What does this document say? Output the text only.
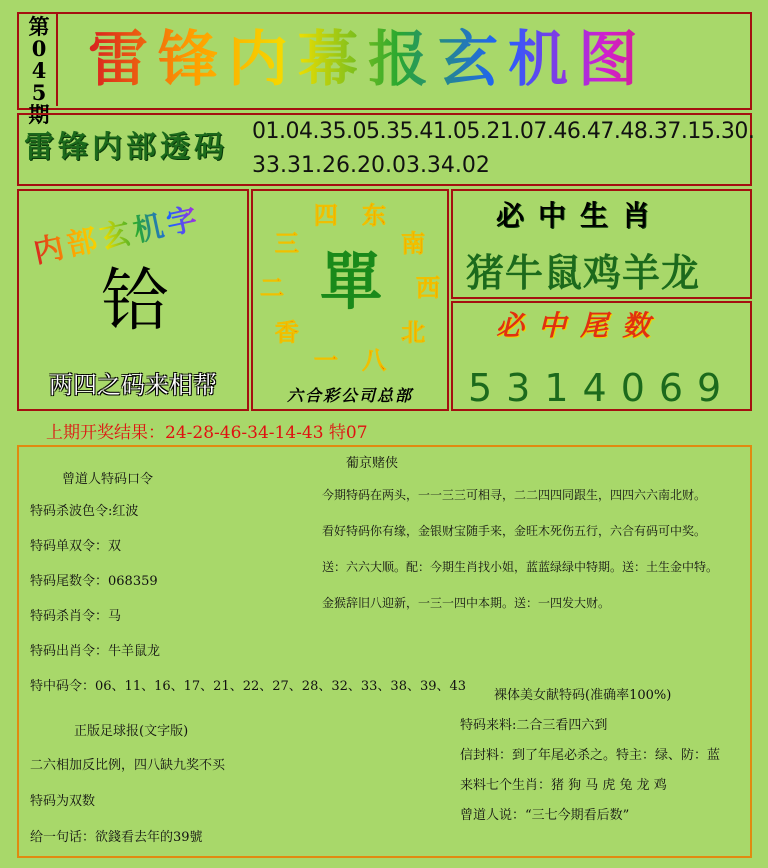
第045期
雷锋内幕报玄机图
雷锋内部透码	01.04.35.05.35.41.05.21.07.46.47.48.37.15.30.
33.31.26.20.03.34.02
内部玄机字
铪
两四之码来相帮
一
香
二
三
四 东
南
西
北
八
單
六合彩公司总部
必中生肖
猪牛鼠鸡羊龙
必中尾数
5314069
上期开奖结果：24-28-46-34-14-43 特07
曾道人特码口令
特码杀波色令:红波
特码单双令：双
特码尾数令：068359
特码杀肖令：马
特码出肖令：牛羊鼠龙
特中码令：06、11、16、17、21、22、27、28、32、33、38、39、43
正版足球报(文字版)
二六相加反比例，四八缺九奖不买
特码为双数
给一句话：欲錢看去年的39號
葡京赌侠
今期特码在两头，一一三三可相寻，二二四四同跟生，四四六六南北财。
看好特码你有缘，金银财宝随手来，金旺木死伤五行，六合有码可中奖。
送：六六大顺。配：今期生肖找小姐，蓝蓝绿绿中特期。送：土生金中特。
金猴辞旧八迎新，一三一四中本期。送：一四发大财。
裸体美女献特码(准确率100%)
特码来料:二合三看四六到
信封料：到了年尾必杀之。特主：绿、防：蓝
来料七个生肖：猪 狗 马 虎 兔 龙 鸡
曾道人说：“三七今期看后数”
